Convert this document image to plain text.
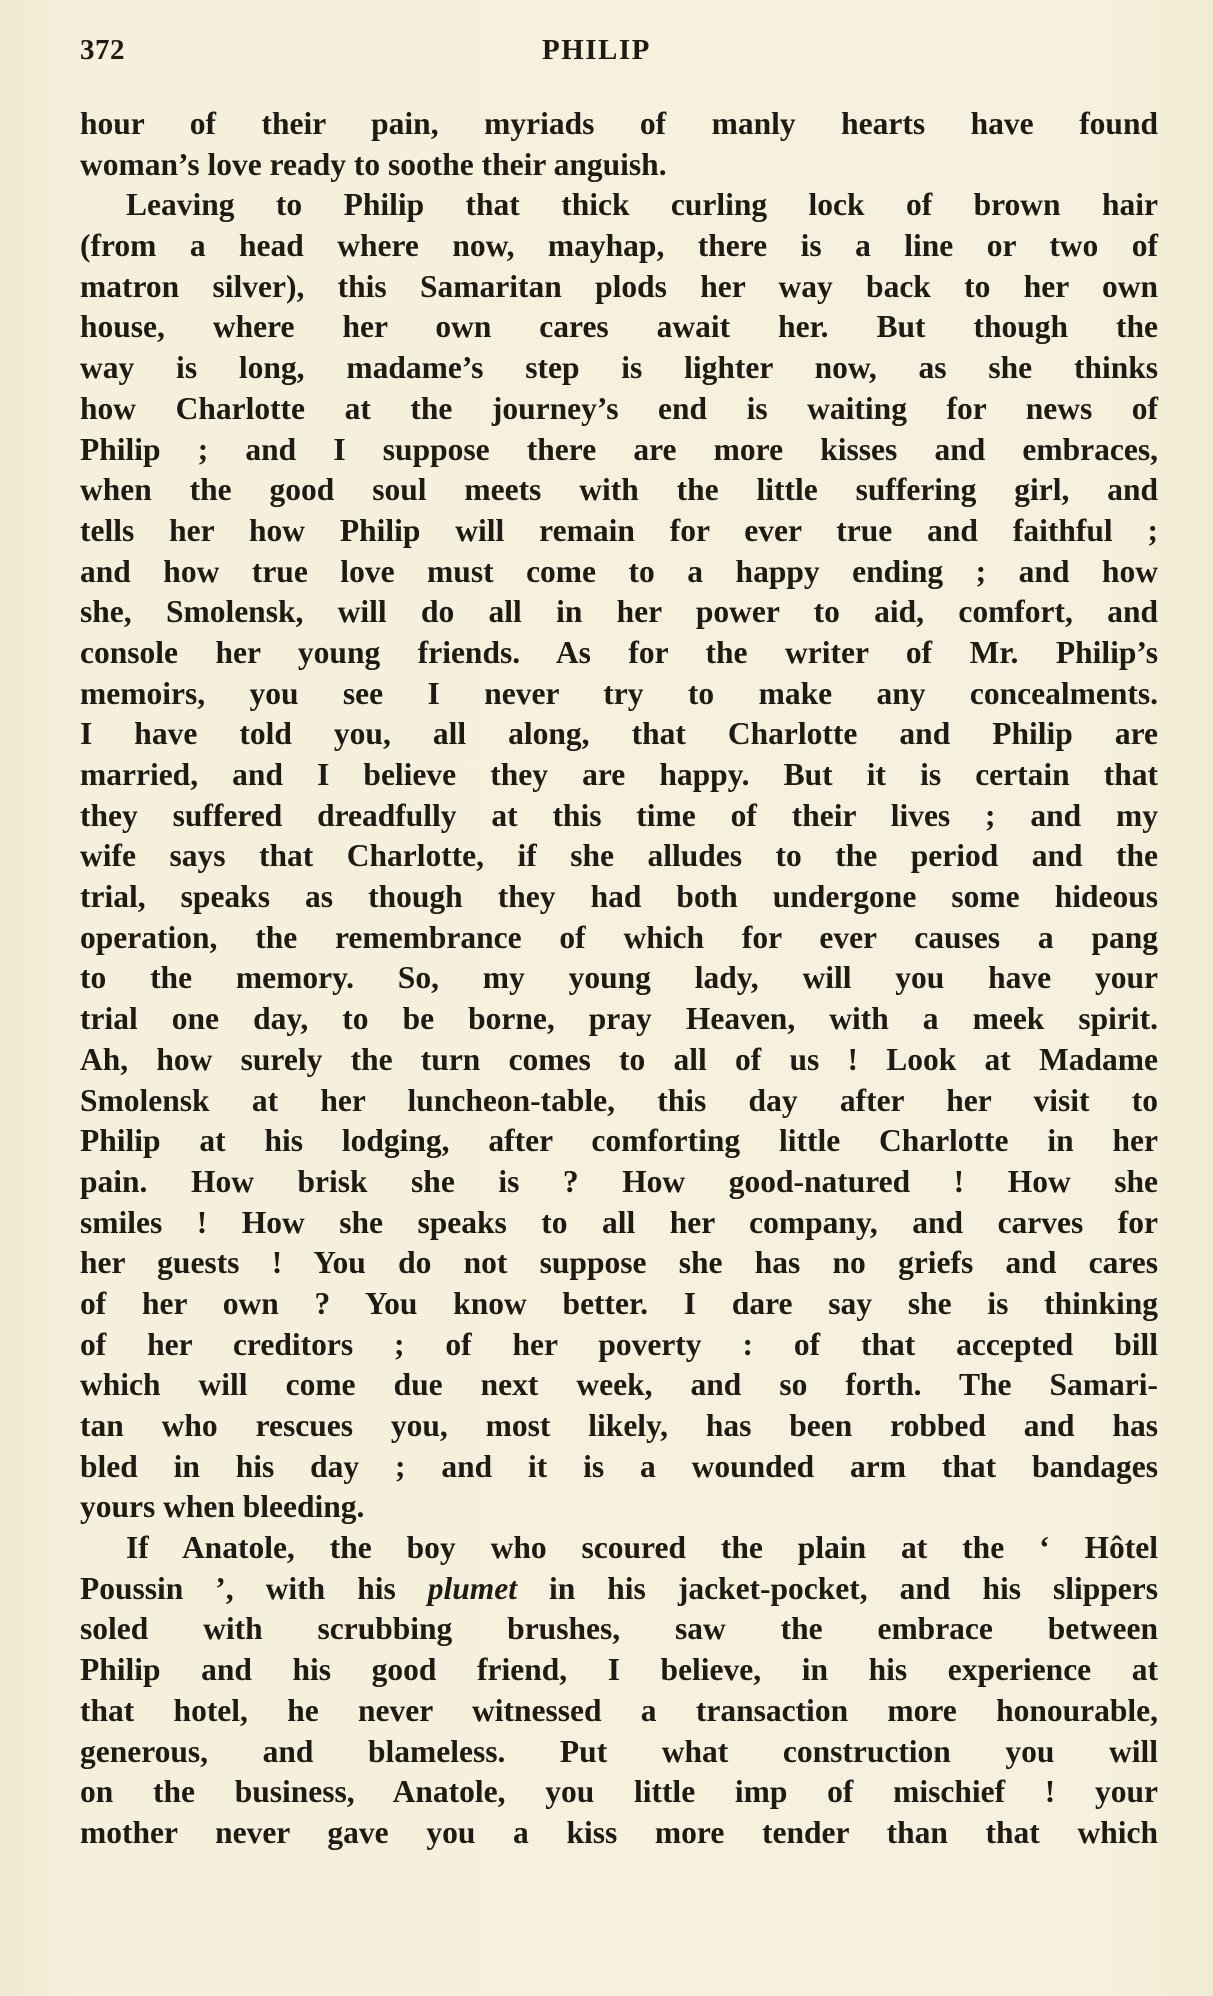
372	PHILIP
hour of their pain, myriads of manly hearts have found
woman’s love ready to soothe their anguish.
Leaving to Philip that thick curling lock of brown hair
(from a head where now, mayhap, there is a line or two of
matron silver), this Samaritan plods her way back to her own
house, where her own cares await her. But though the
way is long, madame’s step is lighter now, as she thinks
how Charlotte at the journey’s end is waiting for news of
Philip ; and I suppose there are more kisses and embraces,
when the good soul meets with the little suffering girl, and
tells her how Philip will remain for ever true and faithful ;
and how true love must come to a happy ending ; and how
she, Smolensk, will do all in her power to aid, comfort, and
console her young friends. As for the writer of Mr. Philip’s
memoirs, you see I never try to make any concealments.
I have told you, all along, that Charlotte and Philip are
married, and I believe they are happy. But it is certain that
they suffered dreadfully at this time of their lives ; and my
wife says that Charlotte, if she alludes to the period and the
trial, speaks as though they had both undergone some hideous
operation, the remembrance of which for ever causes a pang
to the memory. So, my young lady, will you have your
trial one day, to be borne, pray Heaven, with a meek spirit.
Ah, how surely the turn comes to all of us ! Look at Madame
Smolensk at her luncheon-table, this day after her visit to
Philip at his lodging, after comforting little Charlotte in her
pain. How brisk she is ? How good-natured ! How she
smiles ! How she speaks to all her company, and carves for
her guests ! You do not suppose she has no griefs and cares
of her own ? You know better. I dare say she is thinking
of her creditors ; of her poverty : of that accepted bill
which will come due next week, and so forth. The Samari-
tan who rescues you, most likely, has been robbed and has
bled in his day ; and it is a wounded arm that bandages
yours when bleeding.
If Anatole, the boy who scoured the plain at the ‘ Hôtel
Poussin ’, with his plumet in his jacket-pocket, and his slippers
soled with scrubbing brushes, saw the embrace between
Philip and his good friend, I believe, in his experience at
that hotel, he never witnessed a transaction more honourable,
generous, and blameless. Put what construction you will
on the business, Anatole, you little imp of mischief ! your
mother never gave you a kiss more tender than that which
